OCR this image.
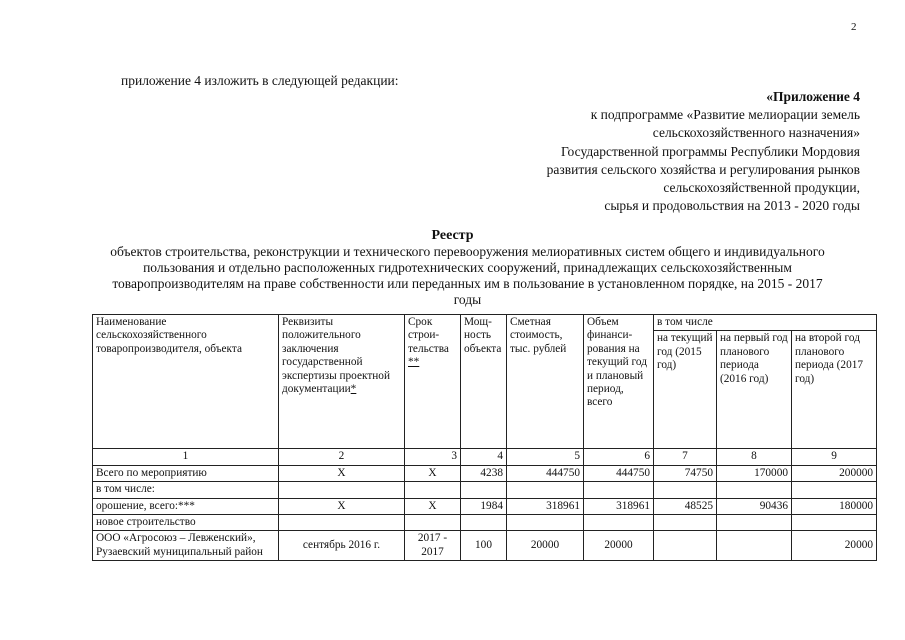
2
приложение 4 изложить в следующей редакции:
«Приложение 4
к подпрограмме «Развитие мелиорации земель
сельскохозяйственного назначения»
Государственной программы Республики Мордовия
развития сельского хозяйства и регулирования рынков
сельскохозяйственной продукции,
сырья и продовольствия на 2013 - 2020 годы
Реестр
объектов строительства, реконструкции и технического перевооружения мелиоративных систем общего и индивидуального пользования и отдельно расположенных гидротехнических сооружений, принадлежащих сельскохозяйственным товаропроизводителям на праве собственности или переданных им в пользование в установленном порядке, на 2015 - 2017 годы
Наименование сельскохозяйственного товаропроизводителя, объекта	Реквизиты положительного заключения государственной экспертизы проектной документации*	Срок строи-тельства **	Мощ-ность объекта	Сметная стоимость, тыс. рублей	Объем финанси-рования на текущий год и плановый период, всего	в том числе		
						на текущий год (2015 год)	на первый год планового периода (2016 год)	на второй год планового периода (2017 год)
1	2	3	4	5	6	7	8	9
Всего по мероприятию	X	X	4238	444750	444750	74750	170000	200000
в том числе:								
орошение, всего:***	X	X	1984	318961	318961	48525	90436	180000
новое строительство								
ООО «Агросоюз – Левженский», Рузаевский муниципальный район	сентябрь 2016 г.	2017 - 2017	100	20000	20000			20000
